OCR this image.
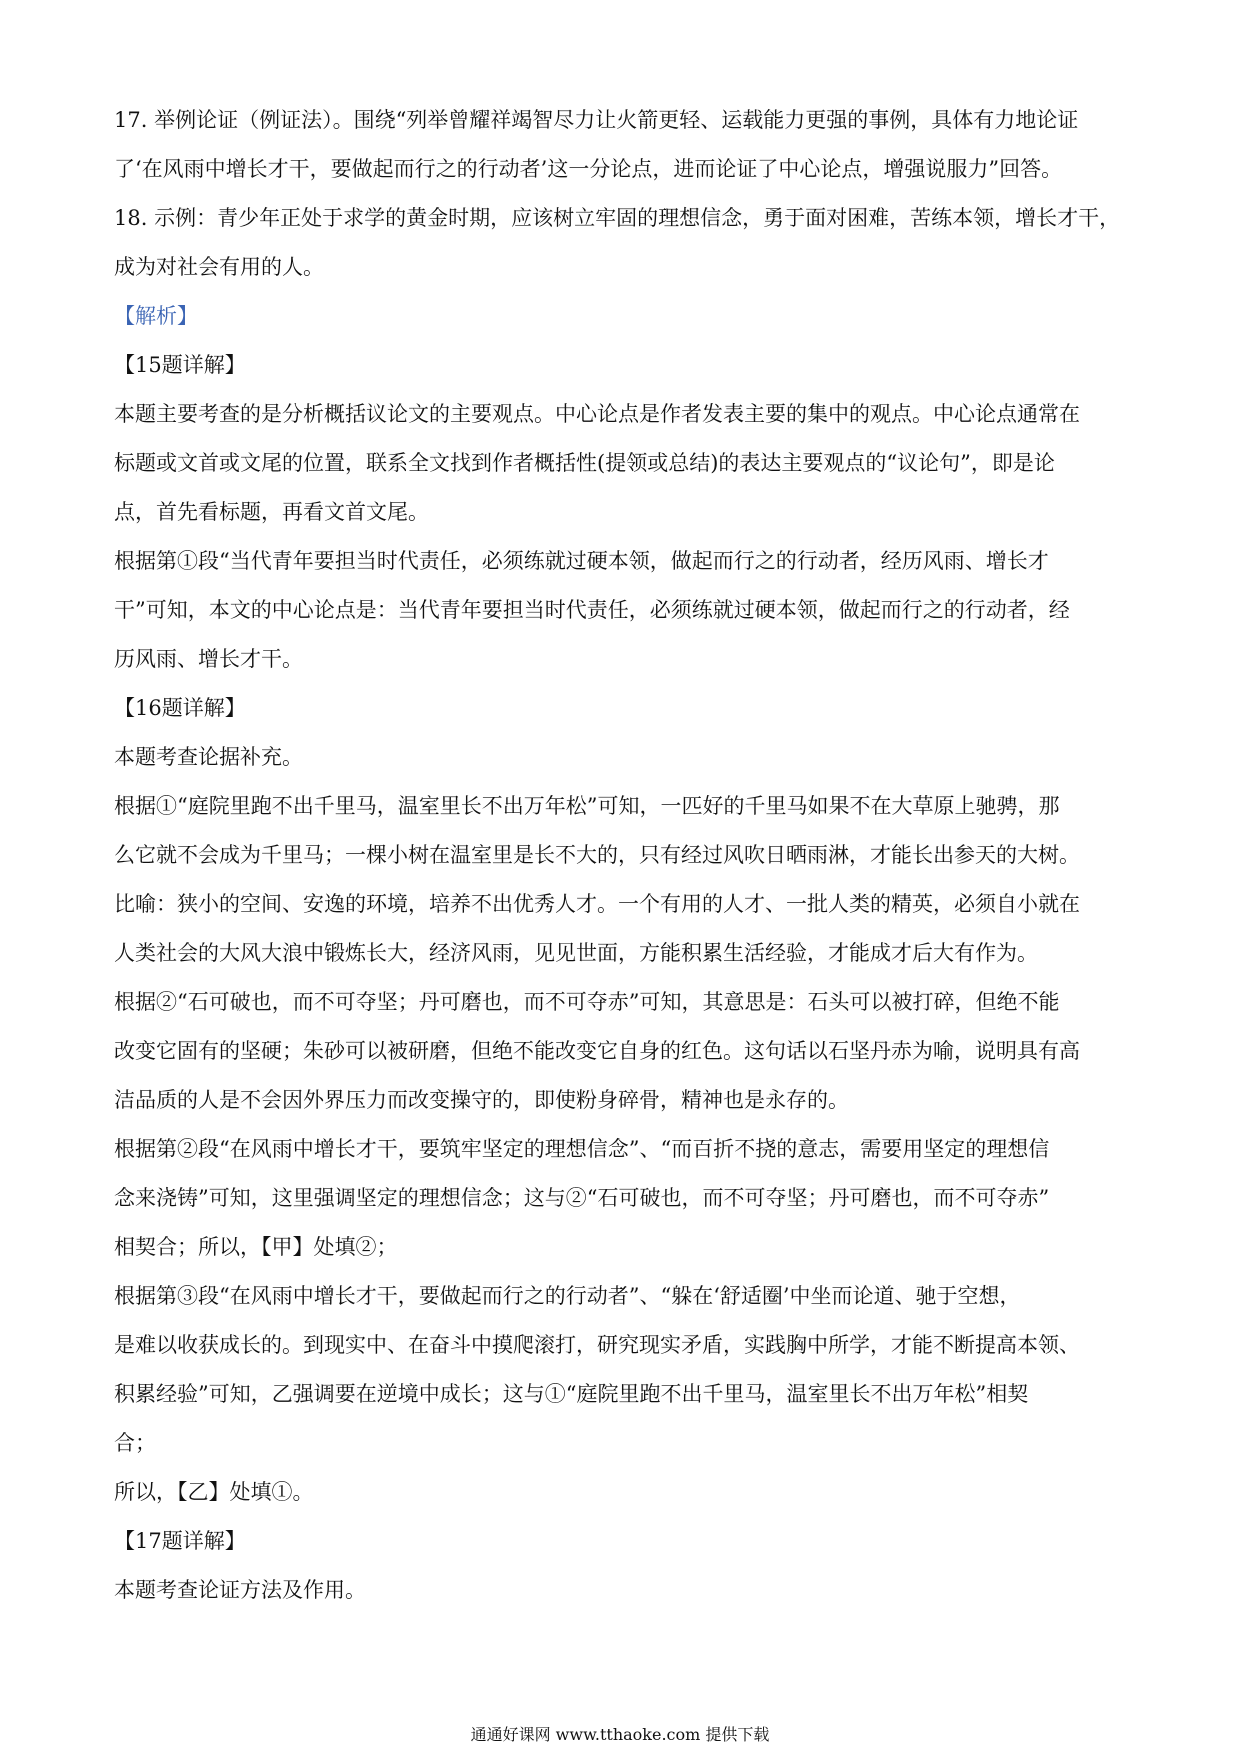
17. 举例论证（例证法）。围绕“列举曾耀祥竭智尽力让火箭更轻、运载能力更强的事例，具体有力地论证
了‘在风雨中增长才干，要做起而行之的行动者’这一分论点，进而论证了中心论点，增强说服力”回答。
18. 示例：青少年正处于求学的黄金时期，应该树立牢固的理想信念，勇于面对困难，苦练本领，增长才干，
成为对社会有用的人。
【解析】
【15题详解】
本题主要考查的是分析概括议论文的主要观点。中心论点是作者发表主要的集中的观点。中心论点通常在
标题或文首或文尾的位置，联系全文找到作者概括性(提领或总结)的表达主要观点的“议论句”，即是论
点，首先看标题，再看文首文尾。
根据第①段“当代青年要担当时代责任，必须练就过硬本领，做起而行之的行动者，经历风雨、增长才
干”可知，本文的中心论点是：当代青年要担当时代责任，必须练就过硬本领，做起而行之的行动者，经
历风雨、增长才干。
【16题详解】
本题考查论据补充。
根据①“庭院里跑不出千里马，温室里长不出万年松”可知，一匹好的千里马如果不在大草原上驰骋，那
么它就不会成为千里马；一棵小树在温室里是长不大的，只有经过风吹日晒雨淋，才能长出参天的大树。
比喻：狭小的空间、安逸的环境，培养不出优秀人才。一个有用的人才、一批人类的精英，必须自小就在
人类社会的大风大浪中锻炼长大，经济风雨，见见世面，方能积累生活经验，才能成才后大有作为。
根据②“石可破也，而不可夺坚；丹可磨也，而不可夺赤”可知，其意思是：石头可以被打碎，但绝不能
改变它固有的坚硬；朱砂可以被研磨，但绝不能改变它自身的红色。这句话以石坚丹赤为喻，说明具有高
洁品质的人是不会因外界压力而改变操守的，即使粉身碎骨，精神也是永存的。
根据第②段“在风雨中增长才干，要筑牢坚定的理想信念”、“而百折不挠的意志，需要用坚定的理想信
念来浇铸”可知，这里强调坚定的理想信念；这与②“石可破也，而不可夺坚；丹可磨也，而不可夺赤”
相契合；所以，【甲】处填②；
根据第③段“在风雨中增长才干，要做起而行之的行动者”、“躲在‘舒适圈’中坐而论道、驰于空想，
是难以收获成长的。到现实中、在奋斗中摸爬滚打，研究现实矛盾，实践胸中所学，才能不断提高本领、
积累经验”可知，乙强调要在逆境中成长；这与①“庭院里跑不出千里马，温室里长不出万年松”相契
合；
所以，【乙】处填①。
【17题详解】
本题考查论证方法及作用。
通通好课网 www.tthaoke.com 提供下载
